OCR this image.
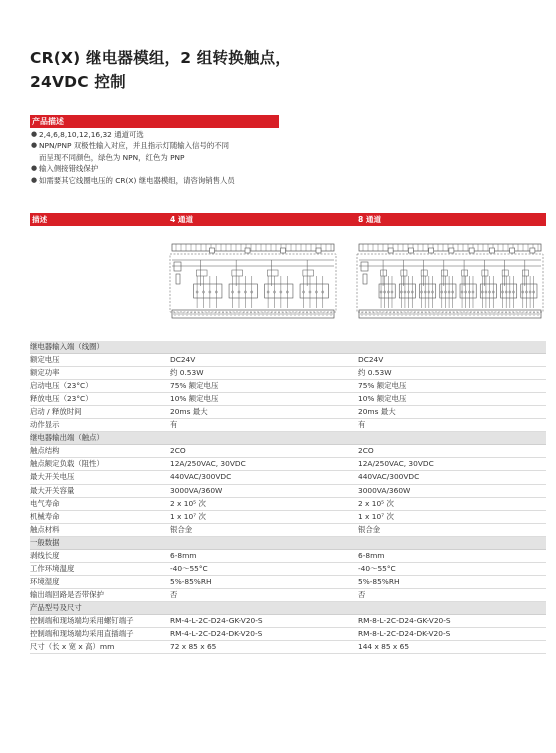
CR(X) 继电器模组，2 组转换触点，
24VDC 控制
产品描述
● 2,4,6,8,10,12,16,32 通道可选
● NPN/PNP 双极性输入对应，并且指示灯随输入信号的不同
而呈现不同颜色，绿色为 NPN，红色为 PNP
● 输入侧接错线保护
● 如需要其它线圈电压的 CR(X) 继电器模组，请咨询销售人员
描述	4 通道	8 通道
继电器输入端（线圈）
额定电压	DC24V	DC24V
额定功率	约 0.53W	约 0.53W
启动电压（23°C）	75% 额定电压	75% 额定电压
释放电压（23°C）	10% 额定电压	10% 额定电压
启动 / 释放时间	20ms 最大	20ms 最大
动作显示	有	有
继电器输出端（触点）
触点结构	2CO	2CO
触点额定负载（阻性）	12A/250VAC, 30VDC	12A/250VAC, 30VDC
最大开关电压	440VAC/300VDC	440VAC/300VDC
最大开关容量	3000VA/360W	3000VA/360W
电气寿命	2 x 10⁵ 次	2 x 10⁵ 次
机械寿命	1 x 10⁷ 次	1 x 10⁷ 次
触点材料	银合金	银合金
一般数据
剥线长度	6-8mm	6-8mm
工作环境温度	-40～55°C	-40～55°C
环境湿度	5%-85%RH	5%-85%RH
输出端回路是否带保护	否	否
产品型号及尺寸
控制端和现场端均采用螺钉端子	RM-4-L-2C-D24-GK-V20-S	RM-8-L-2C-D24-GK-V20-S
控制端和现场端均采用直插端子	RM-4-L-2C-D24-DK-V20-S	RM-8-L-2C-D24-DK-V20-S
尺寸（长 x 宽 x 高）mm	72 x 85 x 65	144 x 85 x 65
